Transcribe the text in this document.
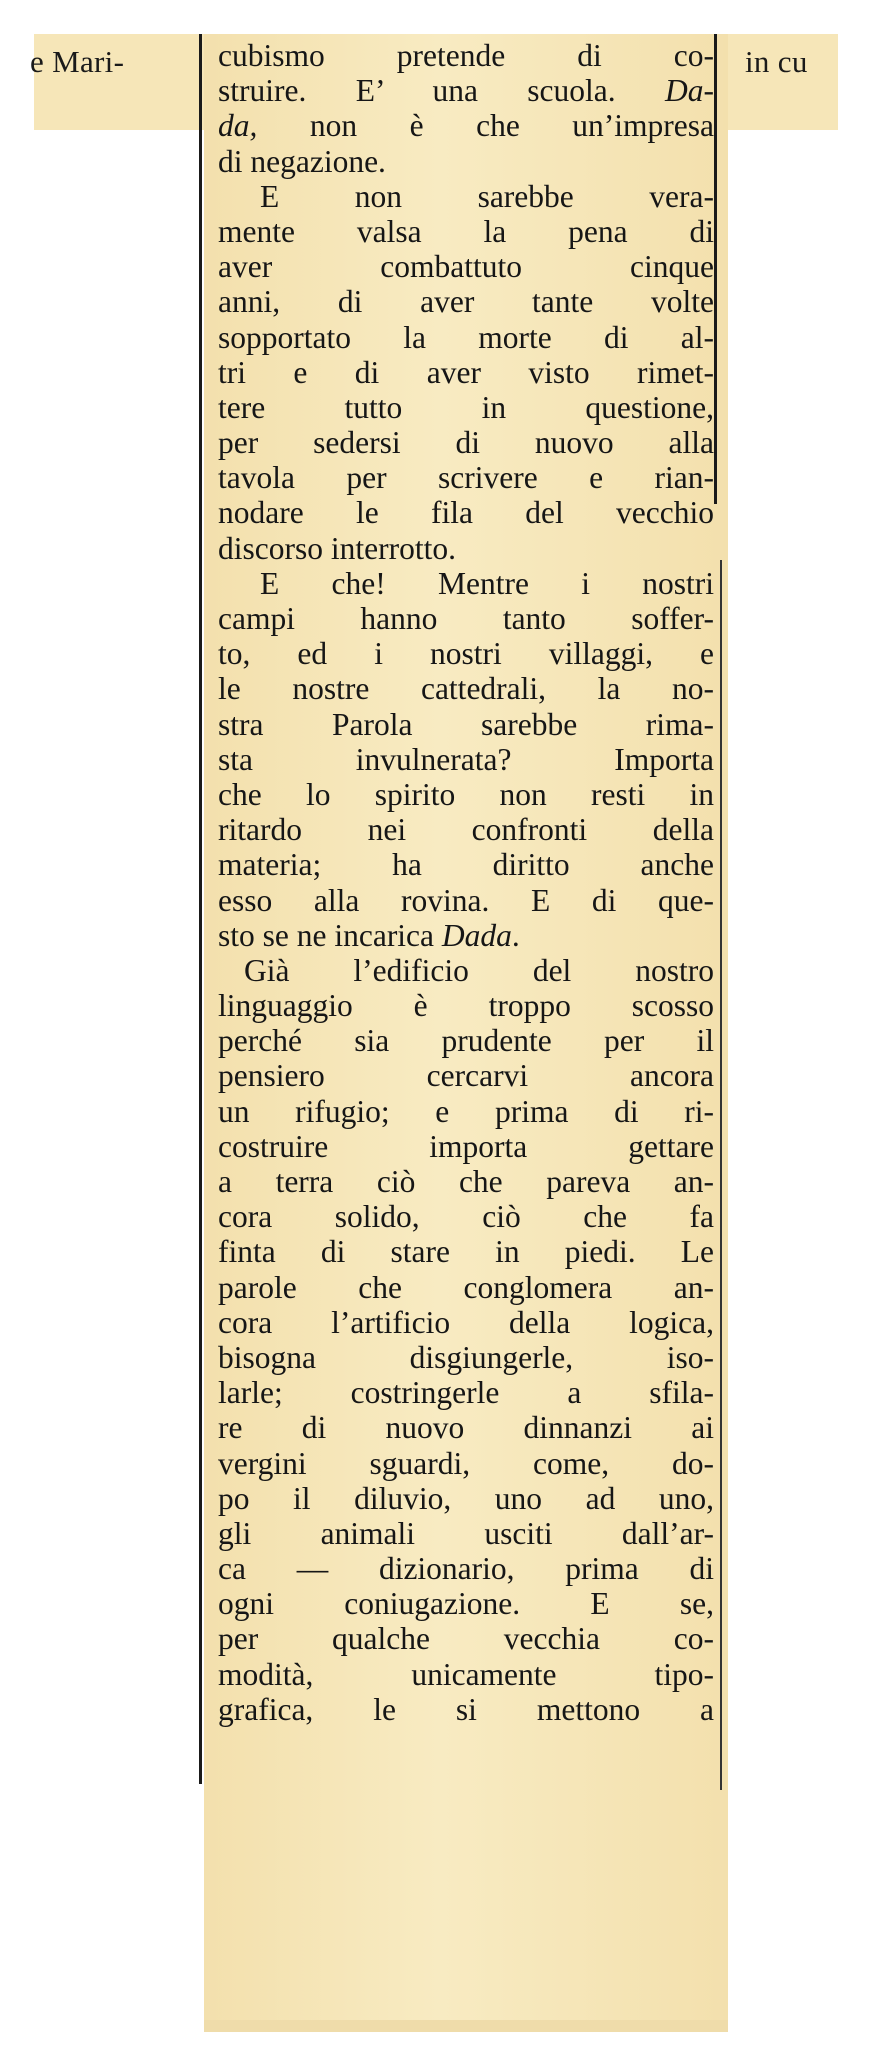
e Mari-	in cu
cubismo pretende di co-
struire. E’ una scuola. Da-
da, non è che un’impresa
di negazione.
E non sarebbe vera-
mente valsa la pena di
aver combattuto cinque
anni, di aver tante volte
sopportato la morte di al-
tri e di aver visto rimet-
tere tutto in questione,
per sedersi di nuovo alla
tavola per scrivere e rian-
nodare le fila del vecchio
discorso interrotto.
E che! Mentre i nostri
campi hanno tanto soffer-
to, ed i nostri villaggi, e
le nostre cattedrali, la no-
stra Parola sarebbe rima-
sta invulnerata? Importa
che lo spirito non resti in
ritardo nei confronti della
materia; ha diritto anche
esso alla rovina. E di que-
sto se ne incarica Dada.
Già l’edificio del nostro
linguaggio è troppo scosso
perché sia prudente per il
pensiero cercarvi ancora
un rifugio; e prima di ri-
costruire importa gettare
a terra ciò che pareva an-
cora solido, ciò che fa
finta di stare in piedi. Le
parole che conglomera an-
cora l’artificio della logica,
bisogna disgiungerle, iso-
larle; costringerle a sfila-
re di nuovo dinnanzi ai
vergini sguardi, come, do-
po il diluvio, uno ad uno,
gli animali usciti dall’ar-
ca — dizionario, prima di
ogni coniugazione. E se,
per qualche vecchia co-
modità, unicamente tipo-
grafica, le si mettono a
